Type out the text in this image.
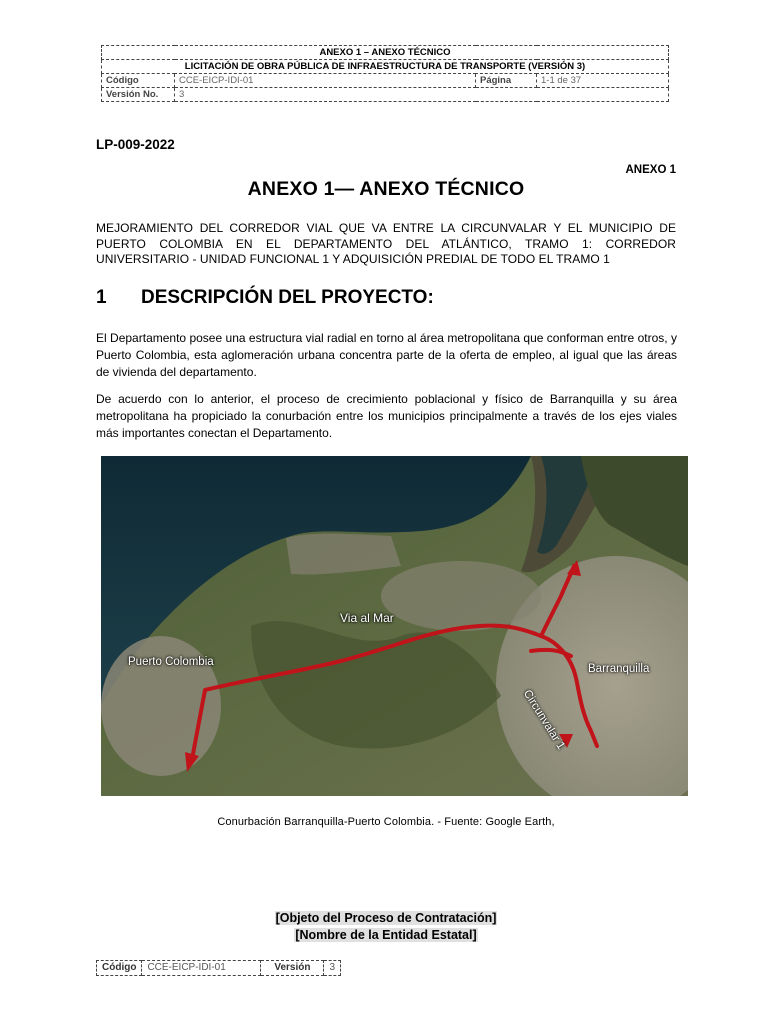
ANEXO 1 – ANEXO TÉCNICO			
LICITACIÓN DE OBRA PÚBLICA DE INFRAESTRUCTURA DE TRANSPORTE (VERSIÓN 3)			
Código	CCE-EICP-IDI-01	Página	1-1 de 37
Versión No.	3		
LP-009-2022
ANEXO 1
ANEXO 1— ANEXO TÉCNICO
MEJORAMIENTO DEL CORREDOR VIAL QUE VA ENTRE LA CIRCUNVALAR Y EL MUNICIPIO DE PUERTO COLOMBIA EN EL DEPARTAMENTO DEL ATLÁNTICO, TRAMO 1: CORREDOR UNIVERSITARIO - UNIDAD FUNCIONAL 1 Y ADQUISICIÓN PREDIAL DE TODO EL TRAMO 1
1 DESCRIPCIÓN DEL PROYECTO:
El Departamento posee una estructura vial radial en torno al área metropolitana que conforman entre otros, y Puerto Colombia, esta aglomeración urbana concentra parte de la oferta de empleo, al igual que las áreas de vivienda del departamento.
De acuerdo con lo anterior, el proceso de crecimiento poblacional y físico de Barranquilla y su área metropolitana ha propiciado la conurbación entre los municipios principalmente a través de los ejes viales más importantes conectan el Departamento.
Via al Mar
Puerto Colombia
Barranquilla
Circunvalar 1
Conurbación Barranquilla-Puerto Colombia. - Fuente: Google Earth,
[Objeto del Proceso de Contratación]
[Nombre de la Entidad Estatal]
Código	CCE-EICP-IDI-01	Versión	3
